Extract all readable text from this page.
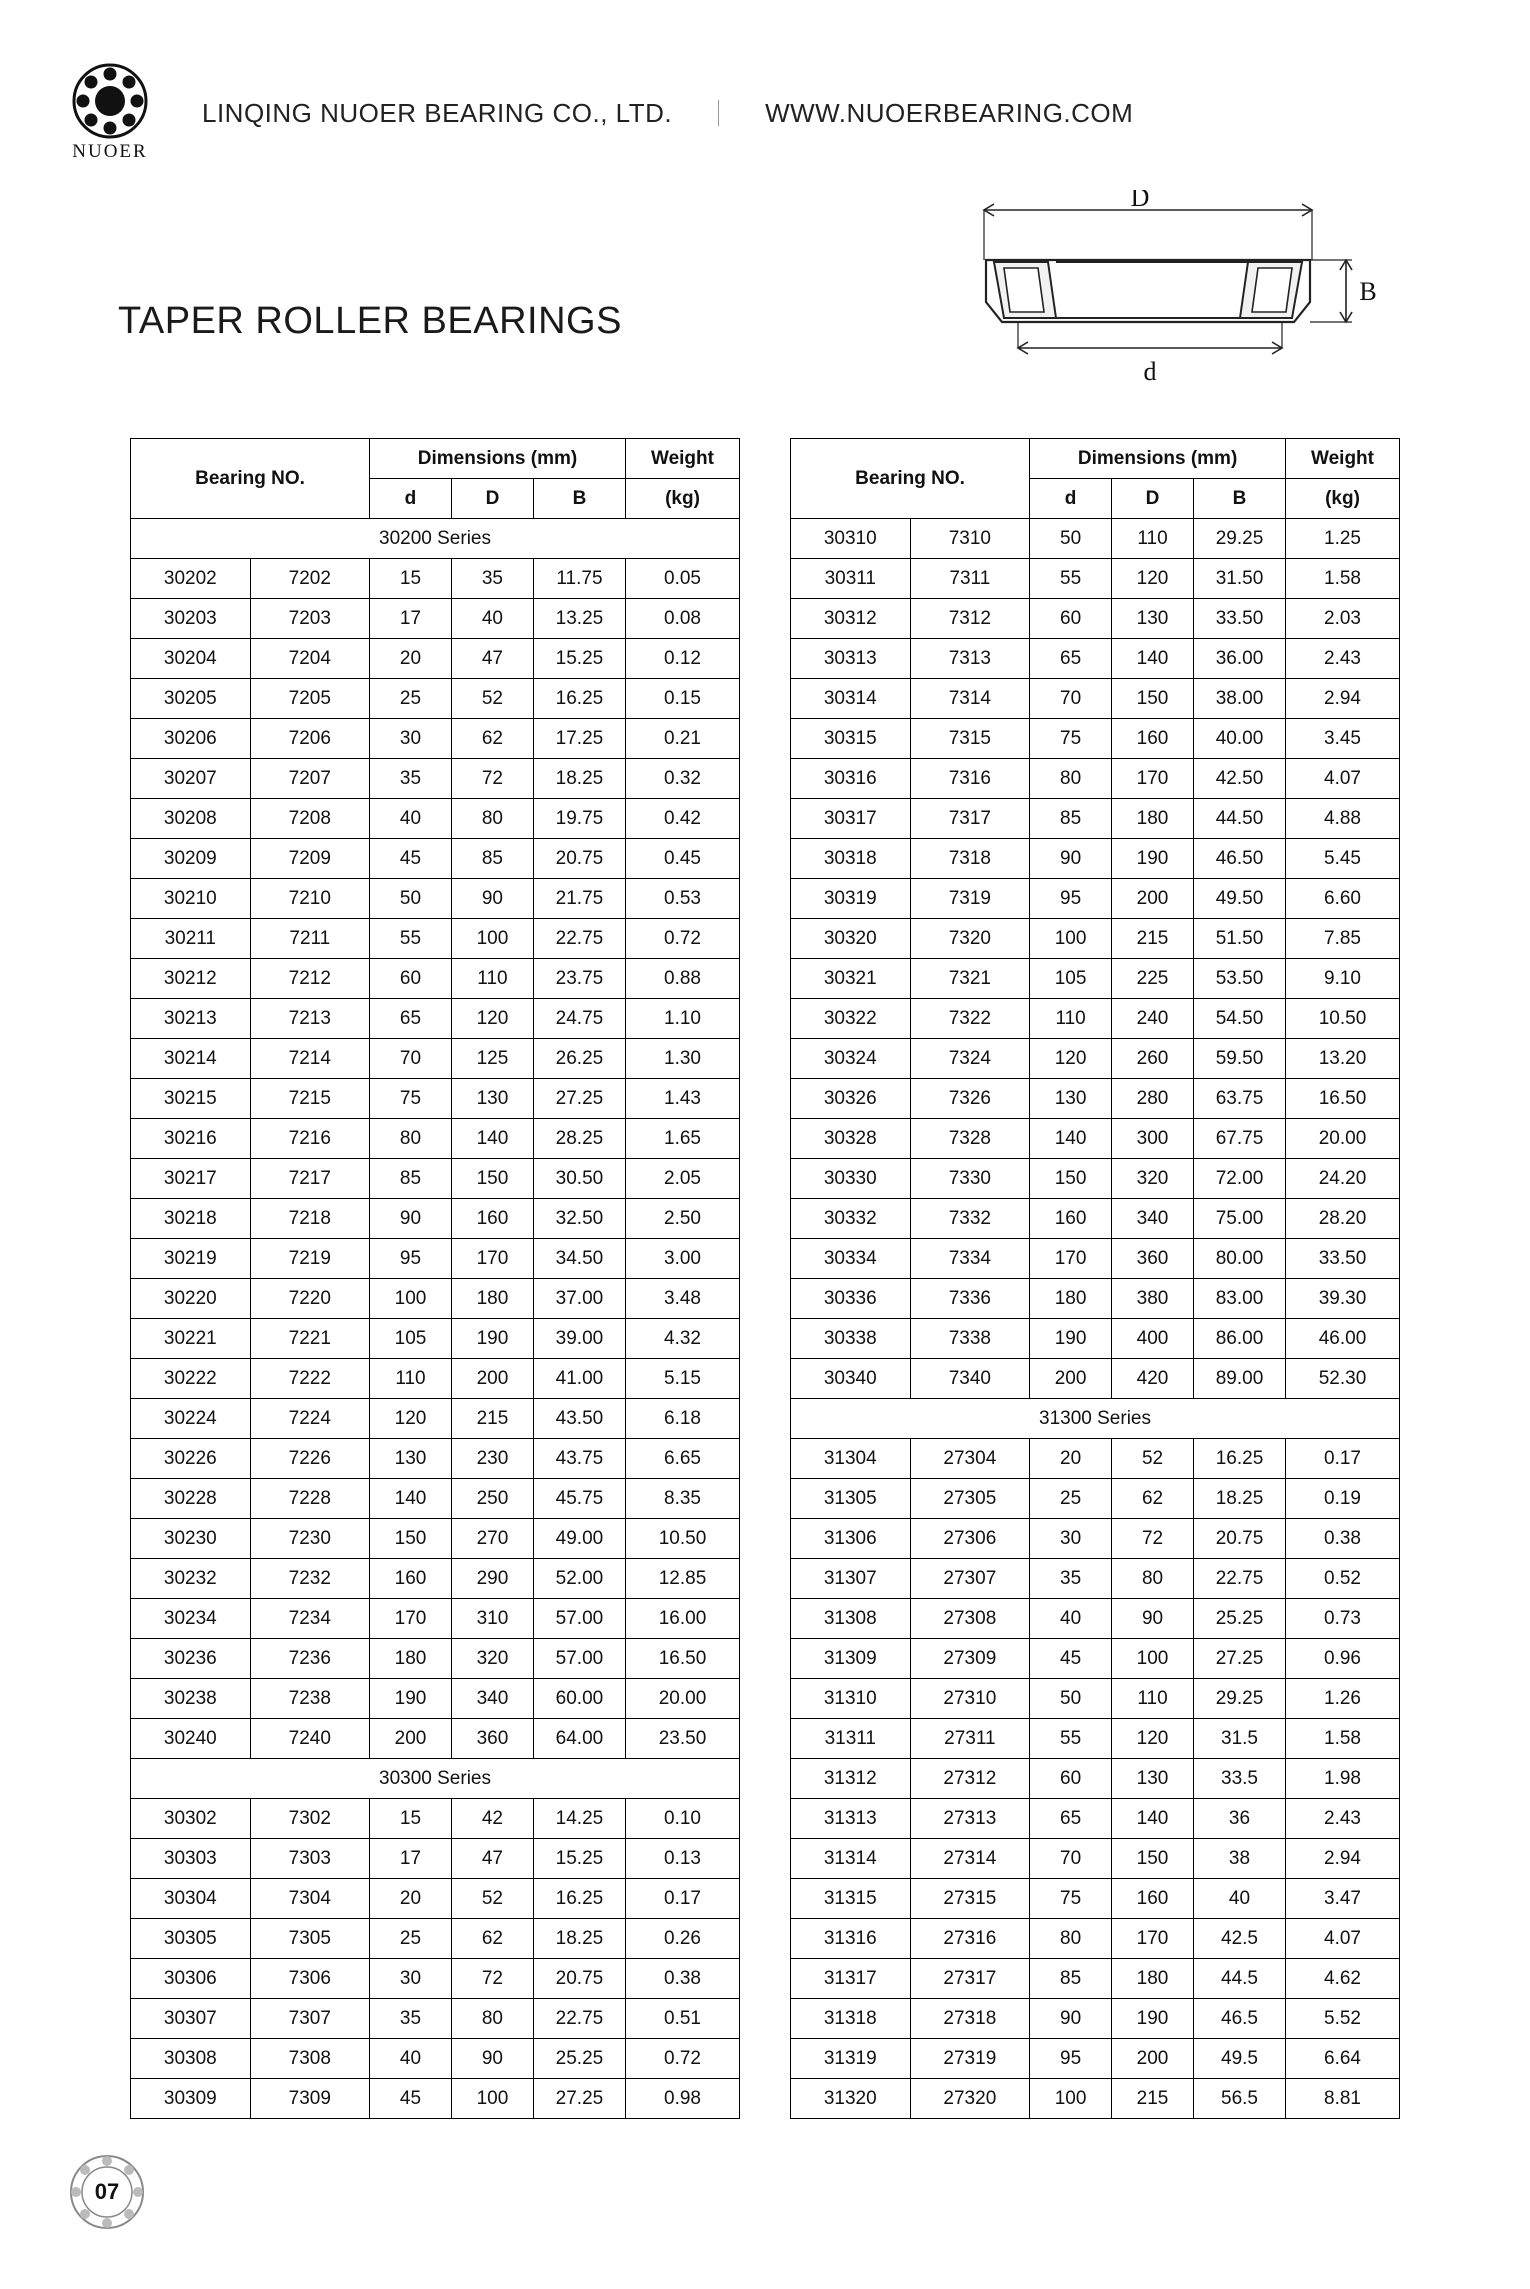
NUOER
LINQING NUOER BEARING CO., LTD.	WWW.NUOERBEARING.COM
TAPER ROLLER BEARINGS
D
B
d
Bearing NO.		Dimensions (mm)			Weight
		d	D	B	(kg)
30200 Series					
30202	7202	15	35	11.75	0.05
30203	7203	17	40	13.25	0.08
30204	7204	20	47	15.25	0.12
30205	7205	25	52	16.25	0.15
30206	7206	30	62	17.25	0.21
30207	7207	35	72	18.25	0.32
30208	7208	40	80	19.75	0.42
30209	7209	45	85	20.75	0.45
30210	7210	50	90	21.75	0.53
30211	7211	55	100	22.75	0.72
30212	7212	60	110	23.75	0.88
30213	7213	65	120	24.75	1.10
30214	7214	70	125	26.25	1.30
30215	7215	75	130	27.25	1.43
30216	7216	80	140	28.25	1.65
30217	7217	85	150	30.50	2.05
30218	7218	90	160	32.50	2.50
30219	7219	95	170	34.50	3.00
30220	7220	100	180	37.00	3.48
30221	7221	105	190	39.00	4.32
30222	7222	110	200	41.00	5.15
30224	7224	120	215	43.50	6.18
30226	7226	130	230	43.75	6.65
30228	7228	140	250	45.75	8.35
30230	7230	150	270	49.00	10.50
30232	7232	160	290	52.00	12.85
30234	7234	170	310	57.00	16.00
30236	7236	180	320	57.00	16.50
30238	7238	190	340	60.00	20.00
30240	7240	200	360	64.00	23.50
30300 Series					
30302	7302	15	42	14.25	0.10
30303	7303	17	47	15.25	0.13
30304	7304	20	52	16.25	0.17
30305	7305	25	62	18.25	0.26
30306	7306	30	72	20.75	0.38
30307	7307	35	80	22.75	0.51
30308	7308	40	90	25.25	0.72
30309	7309	45	100	27.25	0.98
Bearing NO.		Dimensions (mm)			Weight
		d	D	B	(kg)
30310	7310	50	110	29.25	1.25
30311	7311	55	120	31.50	1.58
30312	7312	60	130	33.50	2.03
30313	7313	65	140	36.00	2.43
30314	7314	70	150	38.00	2.94
30315	7315	75	160	40.00	3.45
30316	7316	80	170	42.50	4.07
30317	7317	85	180	44.50	4.88
30318	7318	90	190	46.50	5.45
30319	7319	95	200	49.50	6.60
30320	7320	100	215	51.50	7.85
30321	7321	105	225	53.50	9.10
30322	7322	110	240	54.50	10.50
30324	7324	120	260	59.50	13.20
30326	7326	130	280	63.75	16.50
30328	7328	140	300	67.75	20.00
30330	7330	150	320	72.00	24.20
30332	7332	160	340	75.00	28.20
30334	7334	170	360	80.00	33.50
30336	7336	180	380	83.00	39.30
30338	7338	190	400	86.00	46.00
30340	7340	200	420	89.00	52.30
31300 Series					
31304	27304	20	52	16.25	0.17
31305	27305	25	62	18.25	0.19
31306	27306	30	72	20.75	0.38
31307	27307	35	80	22.75	0.52
31308	27308	40	90	25.25	0.73
31309	27309	45	100	27.25	0.96
31310	27310	50	110	29.25	1.26
31311	27311	55	120	31.5	1.58
31312	27312	60	130	33.5	1.98
31313	27313	65	140	36	2.43
31314	27314	70	150	38	2.94
31315	27315	75	160	40	3.47
31316	27316	80	170	42.5	4.07
31317	27317	85	180	44.5	4.62
31318	27318	90	190	46.5	5.52
31319	27319	95	200	49.5	6.64
31320	27320	100	215	56.5	8.81
07
